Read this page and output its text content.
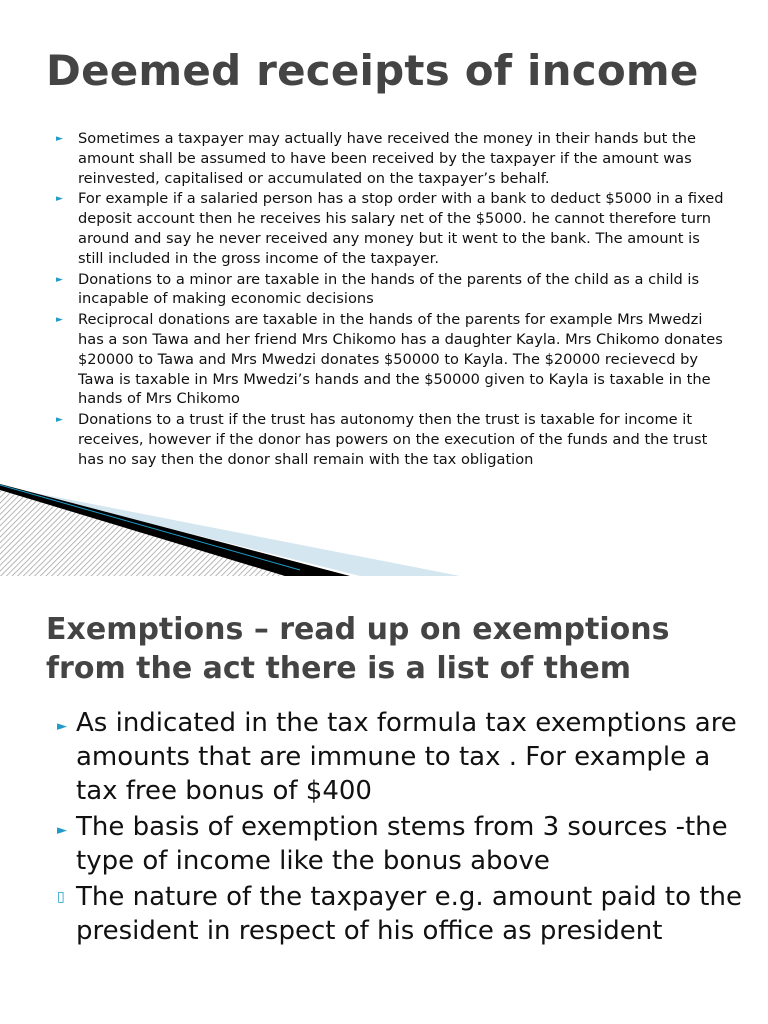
Deemed receipts of income
► Sometimes a taxpayer may actually have received the money in their hands but the amount shall be assumed to have been received by the taxpayer if the amount was reinvested, capitalised or accumulated on the taxpayer’s behalf.
► For example if a salaried person has a stop order with a bank to deduct $5000 in a fixed deposit account then he receives his salary net of the $5000. he cannot therefore turn around and say he never received any money but it went to the bank. The amount is still included in the gross income of the taxpayer.
► Donations to a minor are taxable in the hands of the parents of the child as a child is incapable of making economic decisions
► Reciprocal donations are taxable in the hands of the parents for example Mrs Mwedzi has a son Tawa and her friend Mrs Chikomo has a daughter Kayla. Mrs Chikomo donates $20000 to Tawa and Mrs Mwedzi donates $50000 to Kayla. The $20000 recievecd by Tawa is taxable in Mrs Mwedzi’s hands and the $50000 given to Kayla is taxable in the hands of Mrs Chikomo
► Donations to a trust if the trust has autonomy then the trust is taxable for income it receives, however if the donor has powers on the execution of the funds and the trust has no say then the donor shall remain with the tax obligation
Exemptions – read up on exemptions from the act there is a list of them
► As indicated in the tax formula tax exemptions are amounts that are immune to tax . For example a tax free bonus of $400
► The basis of exemption stems from 3 sources -the type of income like the bonus above
▯ The nature of the taxpayer e.g. amount paid to the president in respect of his office as president
